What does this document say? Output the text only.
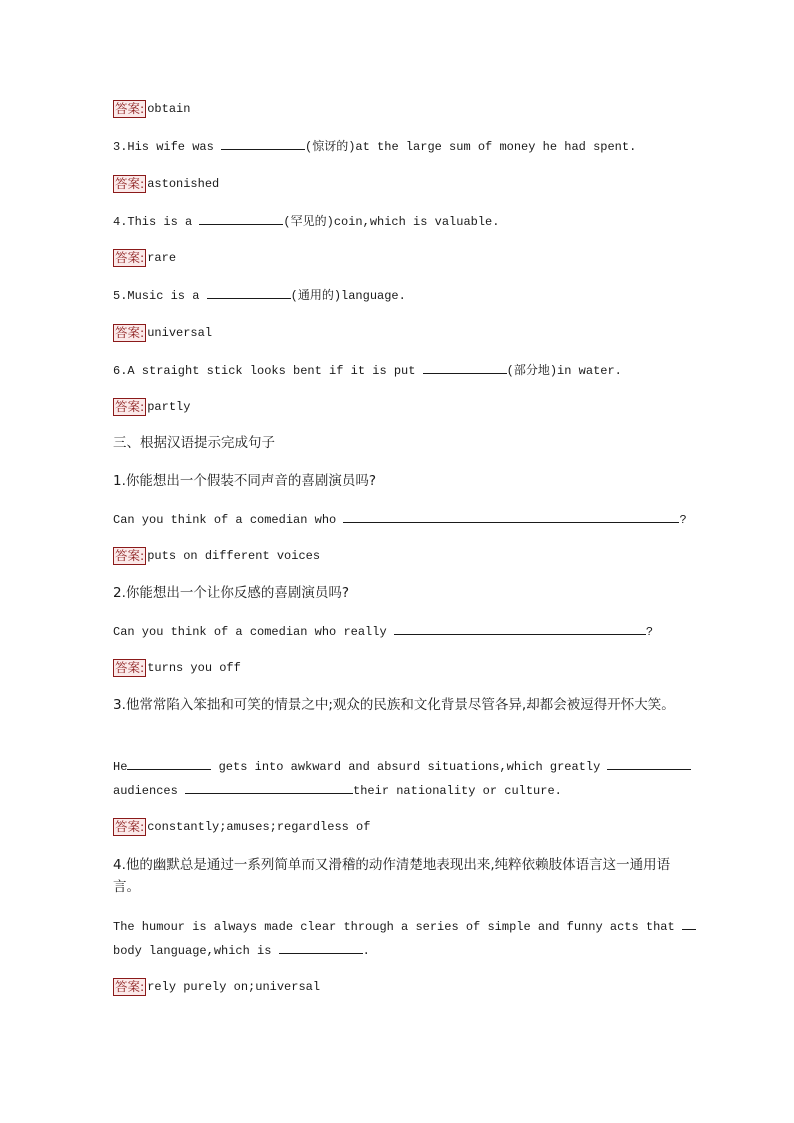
答案: obtain

3.His wife was	(惊讶的)at the large sum of money he had spent.

答案: astonished

4.This is a	(罕见的)coin,which is valuable.

答案: rare

5.Music is a	(通用的)language.

答案: universal

6.A straight stick looks bent if it is put	(部分地)in water.

答案: partly

三、根据汉语提示完成句子

1.你能想出一个假装不同声音的喜剧演员吗?

Can you think of a comedian who	?

答案: puts on different voices

2.你能想出一个让你反感的喜剧演员吗?

Can you think of a comedian who really	?

答案: turns you off

3.他常常陷入笨拙和可笑的情景之中;观众的民族和文化背景尽管各异,却都会被逗得开怀大笑。

He	gets into awkward and absurd situations,which greatly

audiences	their nationality or culture.

答案: constantly;amuses;regardless of

4.他的幽默总是通过一系列简单而又滑稽的动作清楚地表现出来,纯粹依赖肢体语言这一通用语言。

The humour is always made clear through a series of simple and funny acts that

body language,which is	.

答案: rely purely on;universal
